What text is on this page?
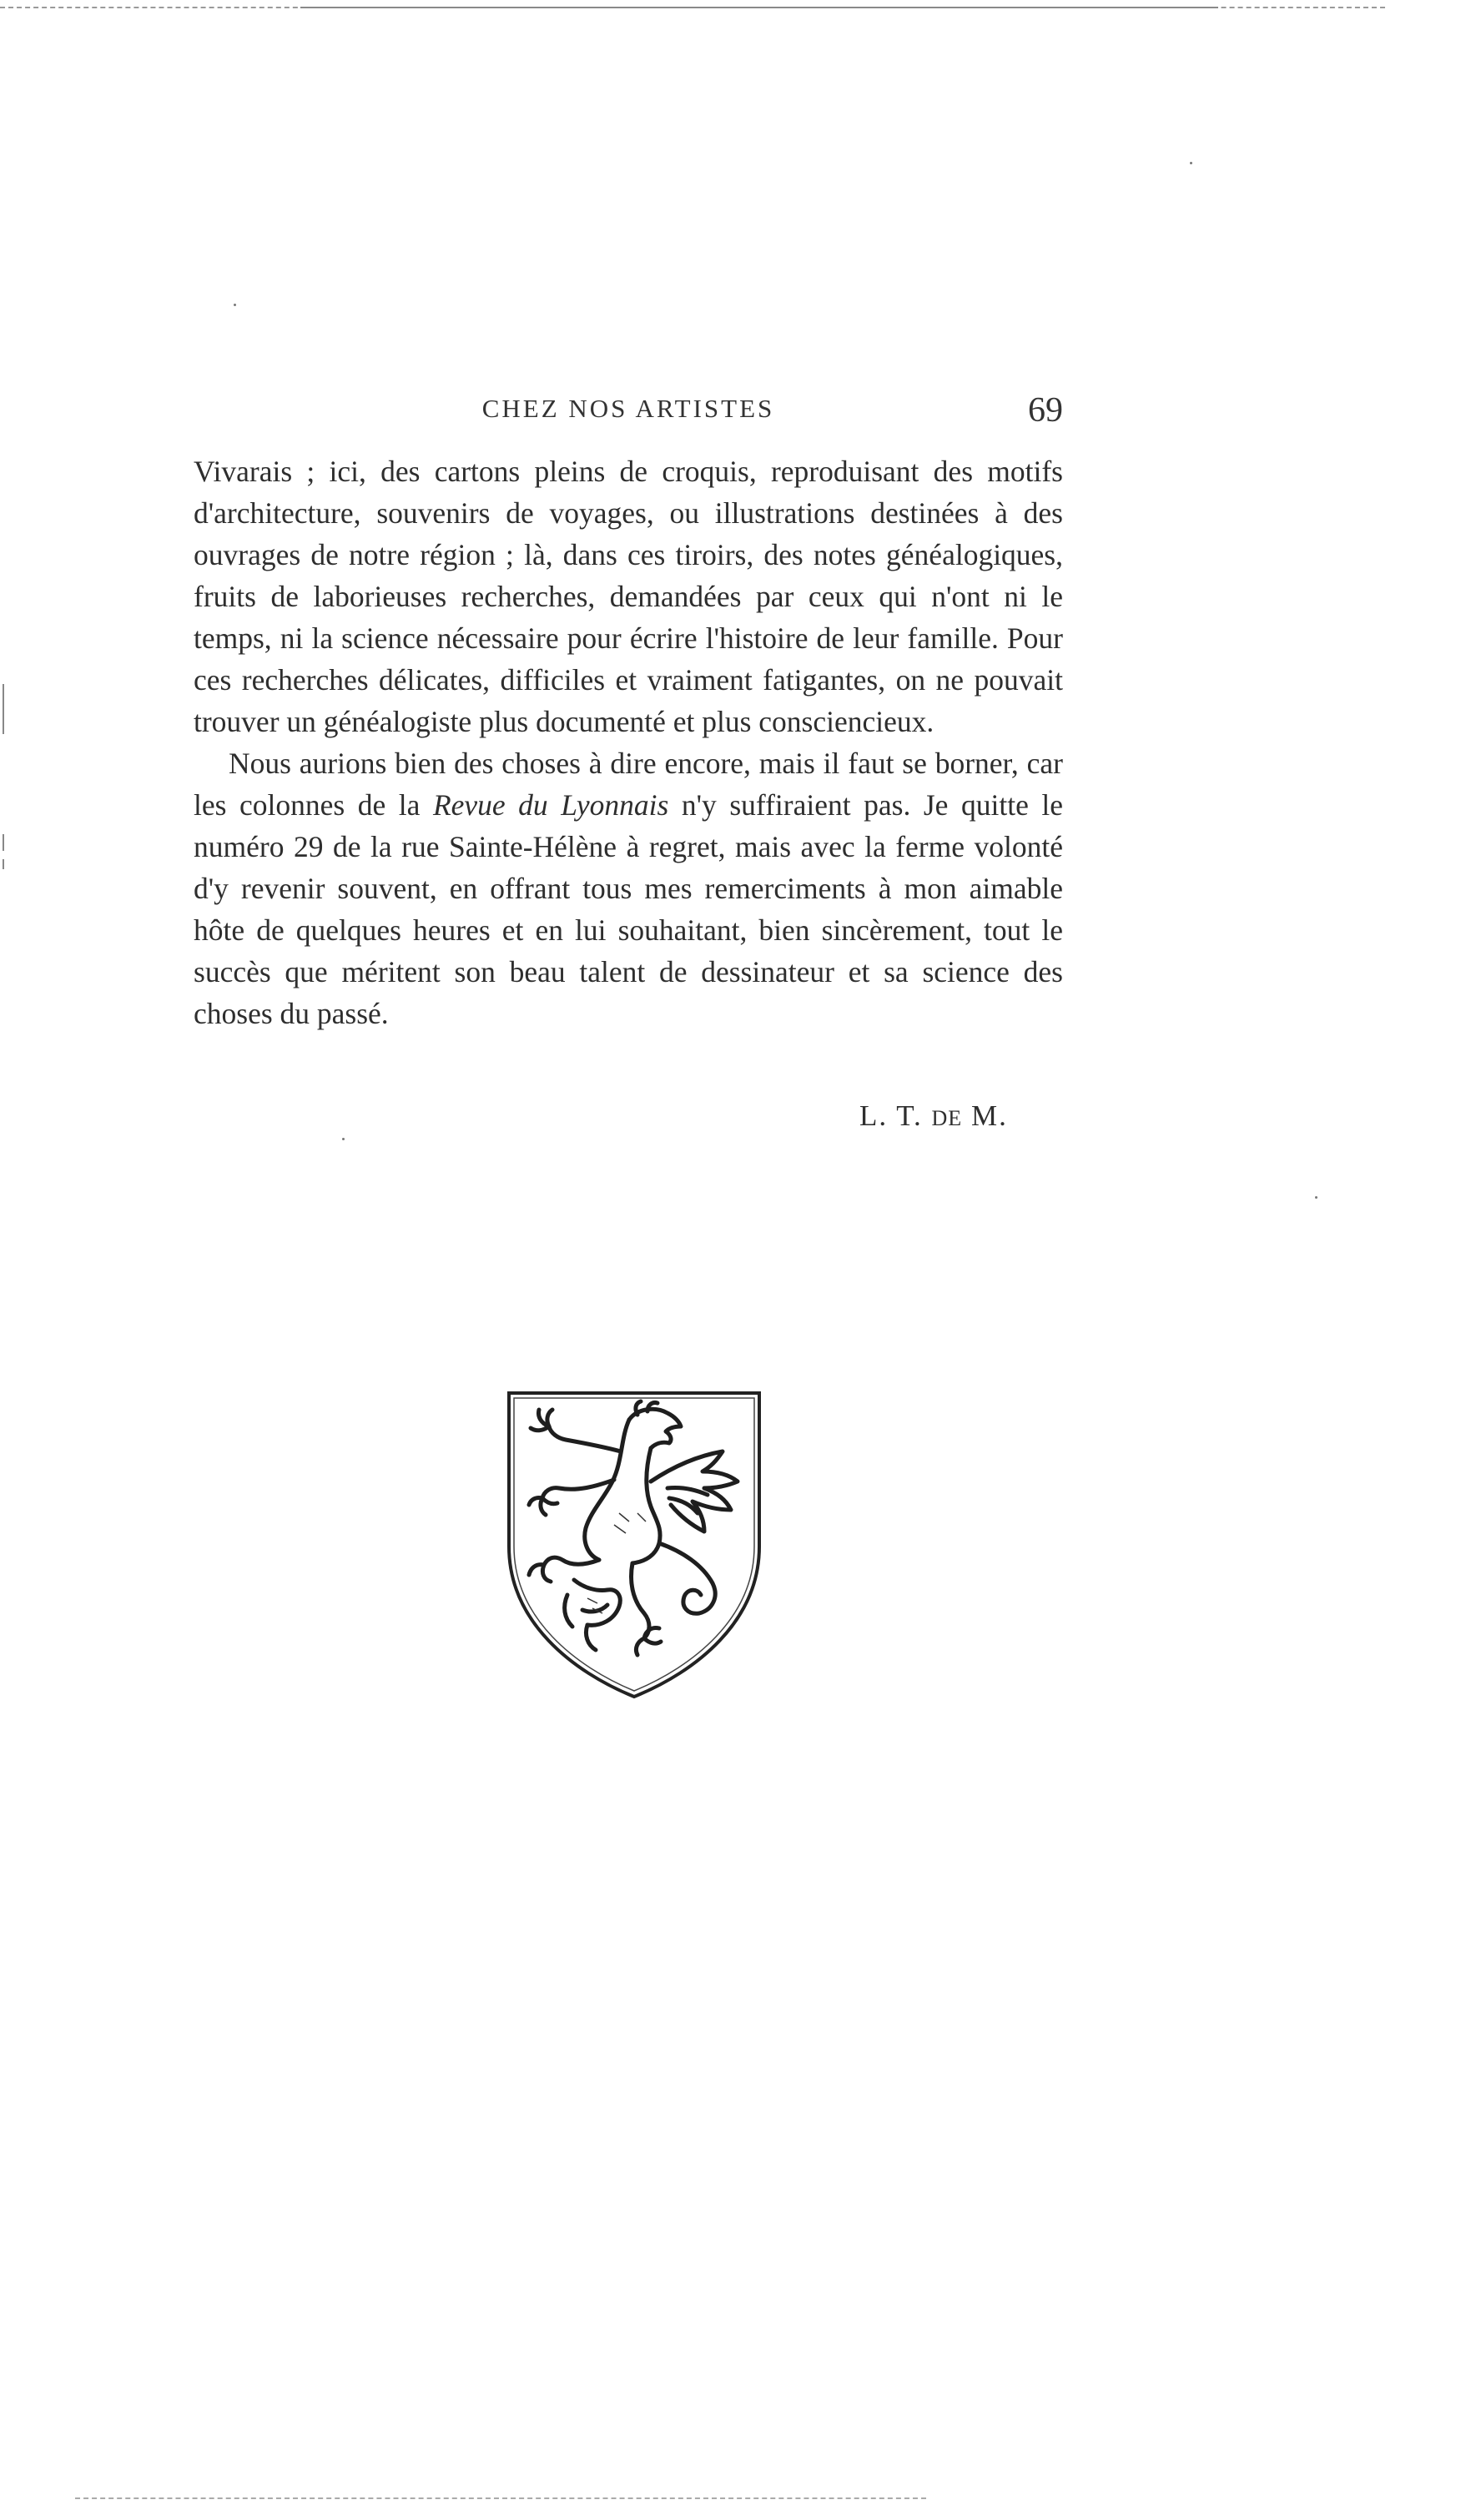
CHEZ NOS ARTISTES	69

Vivarais ; ici, des cartons pleins de croquis, reproduisant des motifs d'architecture, souvenirs de voyages, ou illustrations destinées à des ouvrages de notre région ; là, dans ces tiroirs, des notes généalogiques, fruits de laborieuses recherches, demandées par ceux qui n'ont ni le temps, ni la science nécessaire pour écrire l'histoire de leur famille. Pour ces recherches délicates, difficiles et vraiment fatigantes, on ne pouvait trouver un généalogiste plus documenté et plus consciencieux.

Nous aurions bien des choses à dire encore, mais il faut se borner, car les colonnes de la Revue du Lyonnais n'y suffiraient pas. Je quitte le numéro 29 de la rue Sainte-Hélène à regret, mais avec la ferme volonté d'y revenir souvent, en offrant tous mes remerciments à mon aimable hôte de quelques heures et en lui souhaitant, bien sincèrement, tout le succès que méritent son beau talent de dessinateur et sa science des choses du passé.

L. T. DE M.
